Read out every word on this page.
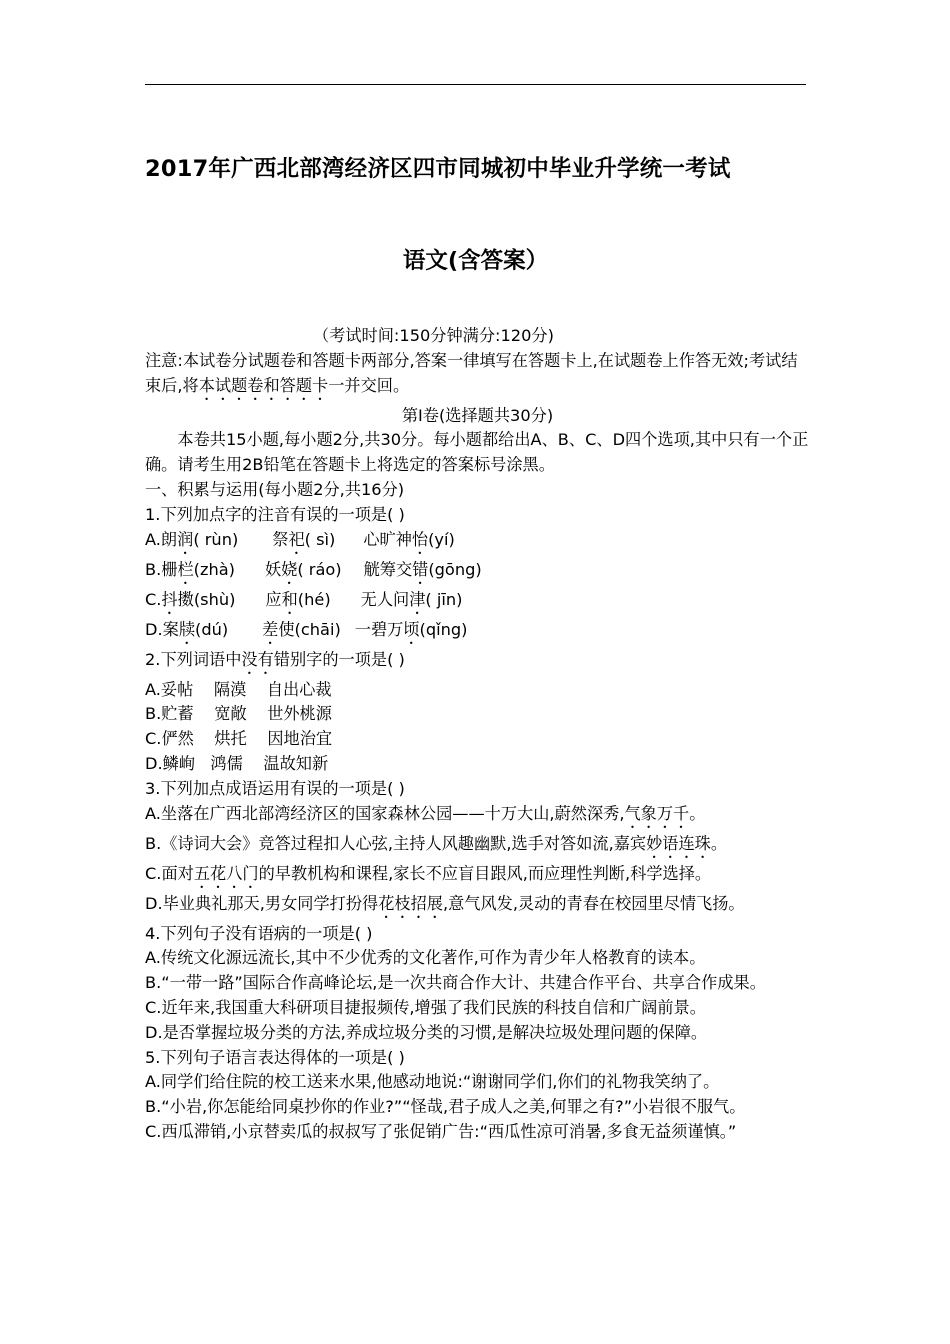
2017年广西北部湾经济区四市同城初中毕业升学统一考试
语文(含答案）

（考试时间:150分钟满分:120分)

注意:本试卷分试题卷和答题卡两部分,答案一律填写在答题卡上,在试题卷上作答无效;考试结束后,将本试题卷和答题卡一并交回。

第Ⅰ卷(选择题共30分)

本卷共15小题,每小题2分,共30分。每小题都给出A、B、C、D四个选项,其中只有一个正确。请考生用2B铅笔在答题卡上将选定的答案标号涂黑。

一、积累与运用(每小题2分,共16分)

1.下列加点字的注音有误的一项是( )

A.朗润( rùn) 祭祀( sì) 心旷神怡(yí)

B.栅栏(zhà) 妖娆( ráo) 觥筹交错(gōng)

C.抖擞(shù) 应和(hé) 无人问津( jīn)

D.案牍(dú) 差使(chāi) 一碧万顷(qǐng)

2.下列词语中没有错别字的一项是( )

A.妥帖    隔漠    自出心裁

B.贮蓄    宽敞    世外桃源

C.俨然    烘托    因地治宜

D.鳞峋   鸿儒    温故知新

3.下列加点成语运用有误的一项是( )

A.坐落在广西北部湾经济区的国家森林公园——十万大山,蔚然深秀,气象万千。

B.《诗词大会》竞答过程扣人心弦,主持人风趣幽默,选手对答如流,嘉宾妙语连珠。

C.面对五花八门的早教机构和课程,家长不应盲目跟风,而应理性判断,科学选择。

D.毕业典礼那天,男女同学打扮得花枝招展,意气风发,灵动的青春在校园里尽情飞扬。

4.下列句子没有语病的一项是( )

A.传统文化源远流长,其中不少优秀的文化著作,可作为青少年人格教育的读本。

B.“一带一路”国际合作高峰论坛,是一次共商合作大计、共建合作平台、共享合作成果。

C.近年来,我国重大科研项目捷报频传,增强了我们民族的科技自信和广阔前景。

D.是否掌握垃圾分类的方法,养成垃圾分类的习惯,是解决垃圾处理问题的保障。

5.下列句子语言表达得体的一项是( )

A.同学们给住院的校工送来水果,他感动地说:“谢谢同学们,你们的礼物我笑纳了。

B.“小岩,你怎能给同桌抄你的作业?”“怪哉,君子成人之美,何罪之有?”小岩很不服气。

C.西瓜滞销,小京替卖瓜的叔叔写了张促销广告:“西瓜性凉可消暑,多食无益须谨慎。”
